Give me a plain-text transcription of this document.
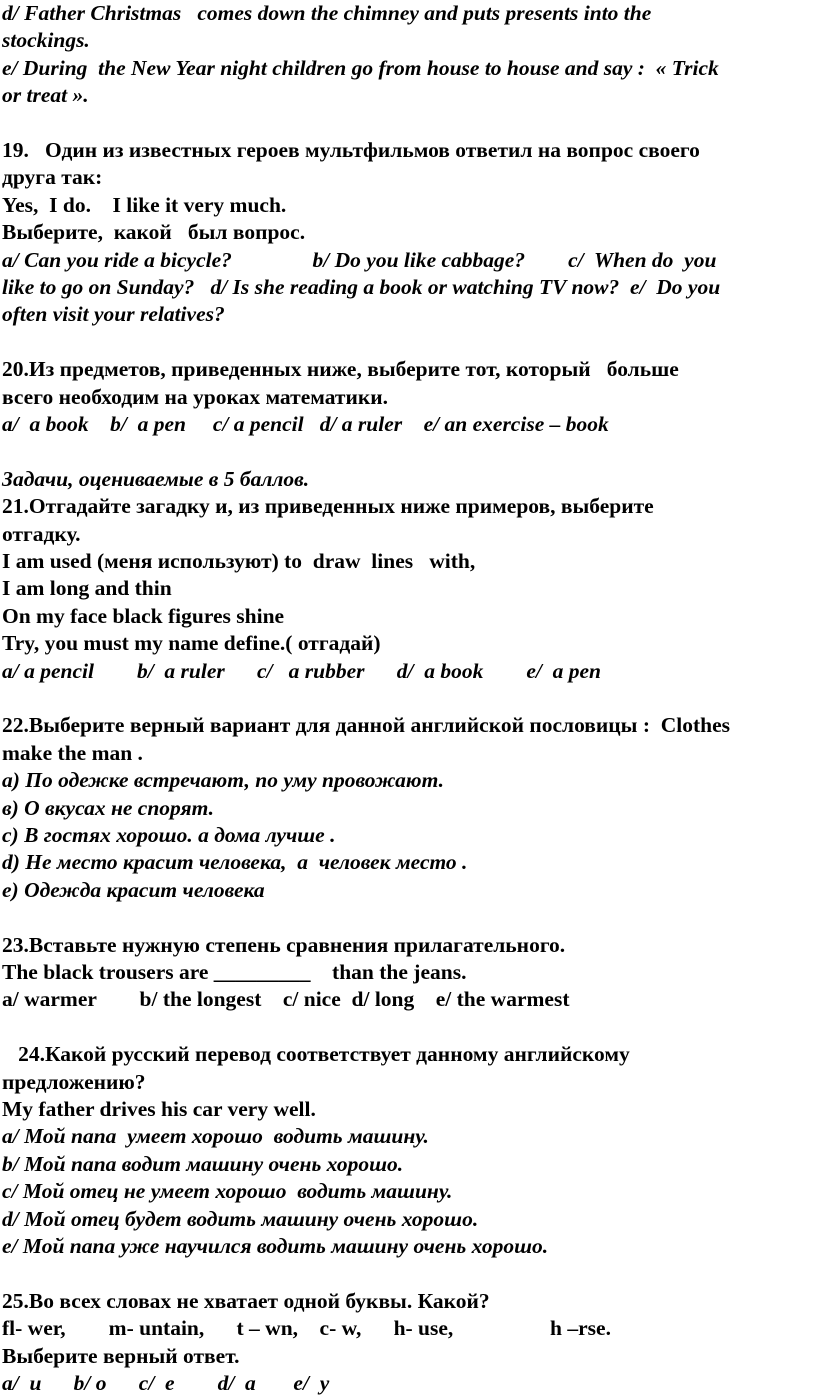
d/ Father Christmas   comes down the chimney and puts presents into the
stockings.
e/ During  the New Year night children go from house to house and say :  « Trick
or treat ».
19.   Один из известных героев мультфильмов ответил на вопрос своего
друга так:
Yes,  I do.    I like it very much.
Выберите,  какой   был вопрос.
a/ Can you ride a bicycle?               b/ Do you like cabbage?        c/  When do  you
like to go on Sunday?   d/ Is she reading a book or watching TV now?  e/  Do you
often visit your relatives?
20.Из предметов, приведенных ниже, выберите тот, который   больше
всего необходим на уроках математики.
a/  a book    b/  a pen     c/ a pencil   d/ a ruler    e/ an exercise – book
Задачи, оцениваемые в 5 баллов.
21.Отгадайте загадку и, из приведенных ниже примеров, выберите
отгадку.
I am used (меня используют) to  draw  lines   with,
I am long and thin
On my face black figures shine
Try, you must my name define.( отгадай)
a/ a pencil        b/  a ruler      c/   a rubber      d/  a book        e/  a pen
22.Выберите верный вариант для данной английской пословицы :  Clothes
make the man .
a) По одежке встречают, по уму провожают.
в) О вкусах не спорят.
c) В гостях хорошо. а дома лучше .
d) Не место красит человека,  а  человек место .
e) Одежда красит человека
23.Вставьте нужную степень сравнения прилагательного.
The black trousers are _________    than the jeans.
a/ warmer        b/ the longest    c/ nice  d/ long    e/ the warmest
24.Какой русский перевод соответствует данному английскому
предложению?
My father drives his car very well.
a/ Мой папа  умеет хорошо  водить машину.
b/ Мой папа водит машину очень хорошо.
c/ Мой отец не умеет хорошо  водить машину.
d/ Мой отец будет водить машину очень хорошо.
e/ Мой папа уже научился водить машину очень хорошо.
25.Во всех словах не хватает одной буквы. Какой?
fl- wer,        m- untain,      t – wn,    c- w,      h- use,                  h –rse.
Выберите верный ответ.
a/  u      b/ o      c/  e        d/  a       e/  y
